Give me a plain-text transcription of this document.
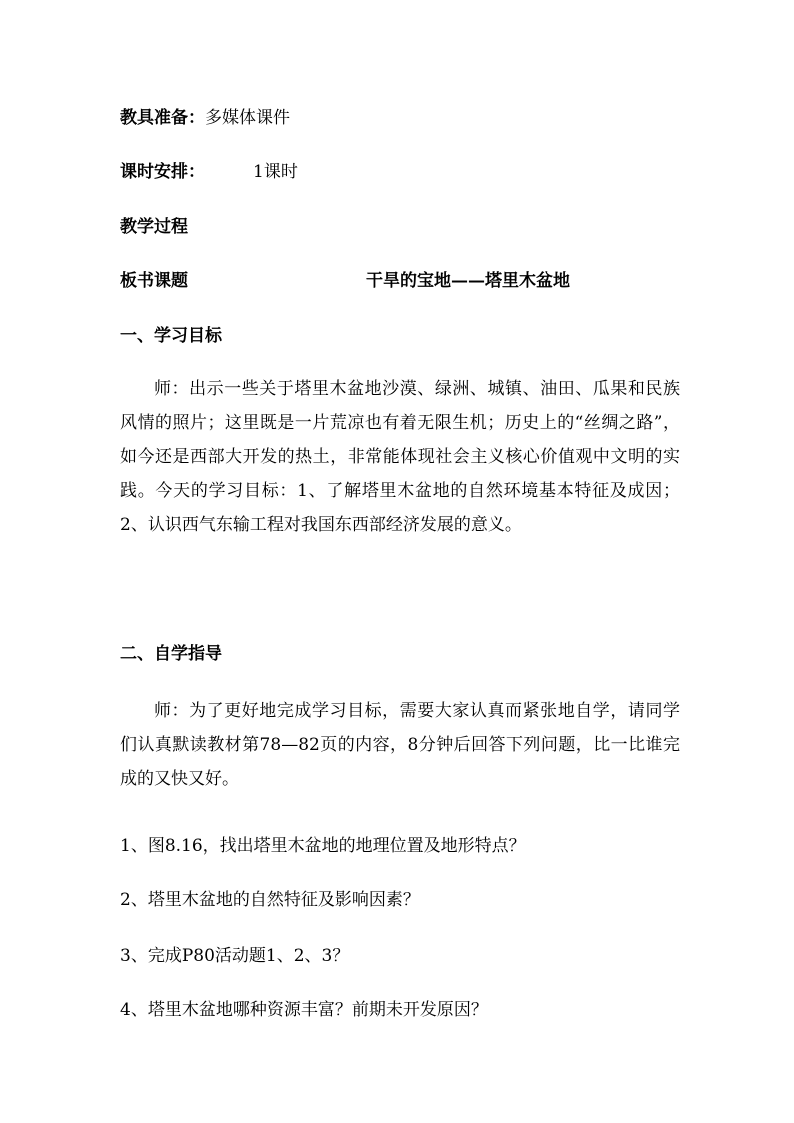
教具准备：多媒体课件
课时安排：	1课时
教学过程
板书课题	干旱的宝地——塔里木盆地
一、学习目标
师：出示一些关于塔里木盆地沙漠、绿洲、城镇、油田、瓜果和民族风情的照片；这里既是一片荒凉也有着无限生机；历史上的“丝绸之路”，如今还是西部大开发的热土，非常能体现社会主义核心价值观中文明的实践。今天的学习目标：1、了解塔里木盆地的自然环境基本特征及成因；2、认识西气东输工程对我国东西部经济发展的意义。
二、自学指导
师：为了更好地完成学习目标，需要大家认真而紧张地自学，请同学们认真默读教材第78—82页的内容，8分钟后回答下列问题，比一比谁完成的又快又好。
1、图8.16，找出塔里木盆地的地理位置及地形特点？
2、塔里木盆地的自然特征及影响因素？
3、完成P80活动题1、2、3？
4、塔里木盆地哪种资源丰富？前期未开发原因？
